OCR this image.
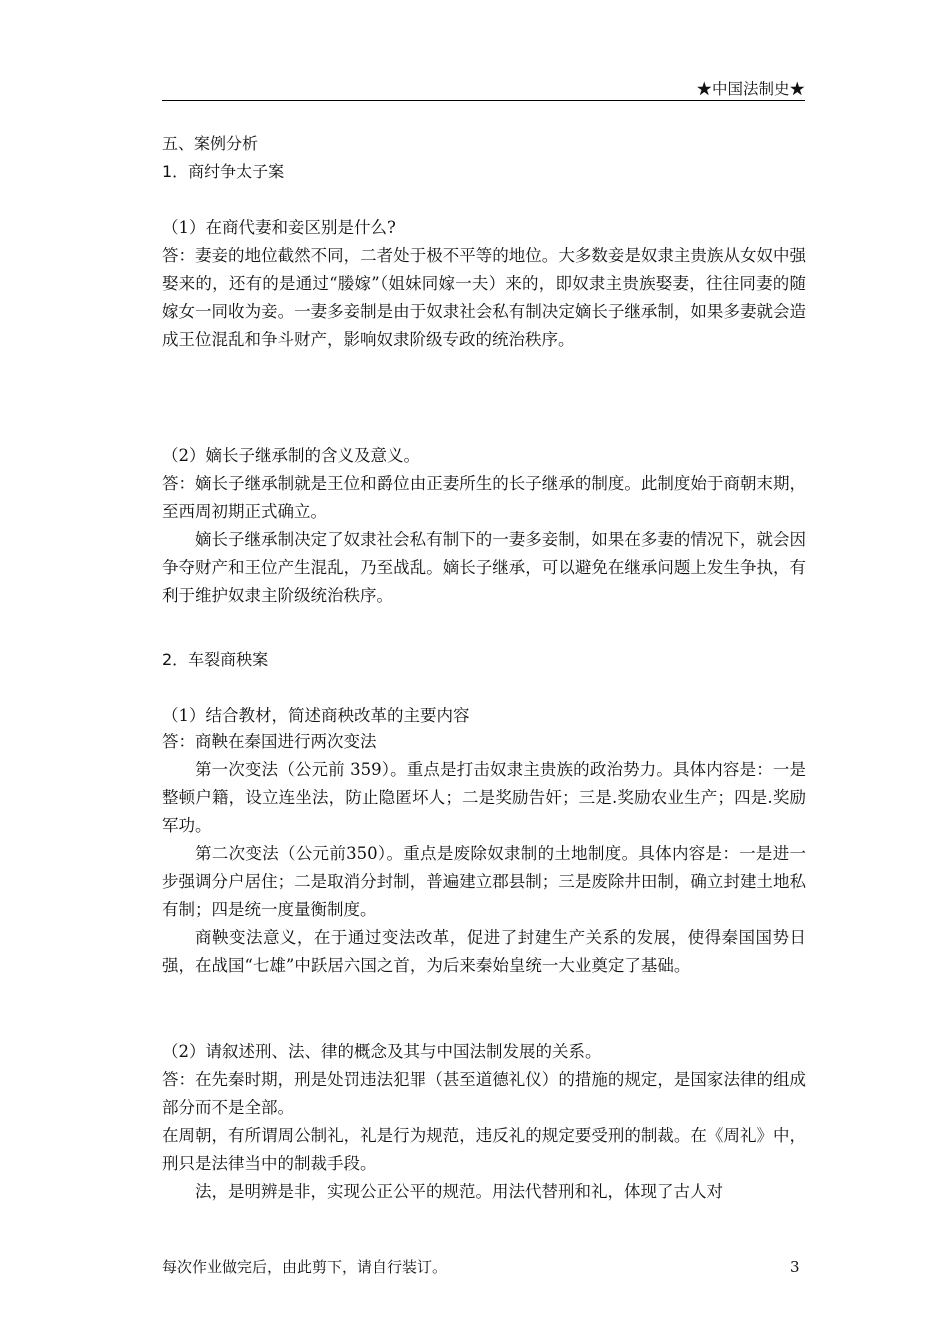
★中国法制史★
五、案例分析
1．商纣争太子案
（1）在商代妻和妾区别是什么?
答：妻妾的地位截然不同，二者处于极不平等的地位。大多数妾是奴隶主贵族从女奴中强娶来的，还有的是通过“媵嫁”（姐妹同嫁一夫）来的，即奴隶主贵族娶妻，往往同妻的随嫁女一同收为妾。一妻多妾制是由于奴隶社会私有制决定嫡长子继承制，如果多妻就会造成王位混乱和争斗财产，影响奴隶阶级专政的统治秩序。
（2）嫡长子继承制的含义及意义。
答：嫡长子继承制就是王位和爵位由正妻所生的长子继承的制度。此制度始于商朝末期，至西周初期正式确立。
嫡长子继承制决定了奴隶社会私有制下的一妻多妾制，如果在多妻的情况下，就会因争夺财产和王位产生混乱，乃至战乱。嫡长子继承，可以避免在继承问题上发生争执，有利于维护奴隶主阶级统治秩序。
2．车裂商秧案
（1）结合教材，简述商秧改革的主要内容
答：商鞅在秦国进行两次变法
第一次变法（公元前 359）。重点是打击奴隶主贵族的政治势力。具体内容是：一是整顿户籍，设立连坐法，防止隐匿坏人；二是奖励告奸；三是.奖励农业生产；四是.奖励军功。
第二次变法（公元前350）。重点是废除奴隶制的土地制度。具体内容是：一是进一步强调分户居住；二是取消分封制，普遍建立郡县制；三是废除井田制，确立封建土地私有制；四是统一度量衡制度。
商鞅变法意义，在于通过变法改革，促进了封建生产关系的发展，使得秦国国势日强，在战国“七雄”中跃居六国之首，为后来秦始皇统一大业奠定了基础。
（2）请叙述刑、法、律的概念及其与中国法制发展的关系。
答：在先秦时期，刑是处罚违法犯罪（甚至道德礼仪）的措施的规定，是国家法律的组成部分而不是全部。
在周朝，有所谓周公制礼，礼是行为规范，违反礼的规定要受刑的制裁。在《周礼》中，刑只是法律当中的制裁手段。
法，是明辨是非，实现公正公平的规范。用法代替刑和礼，体现了古人对
每次作业做完后，由此剪下，请自行装订。	3
